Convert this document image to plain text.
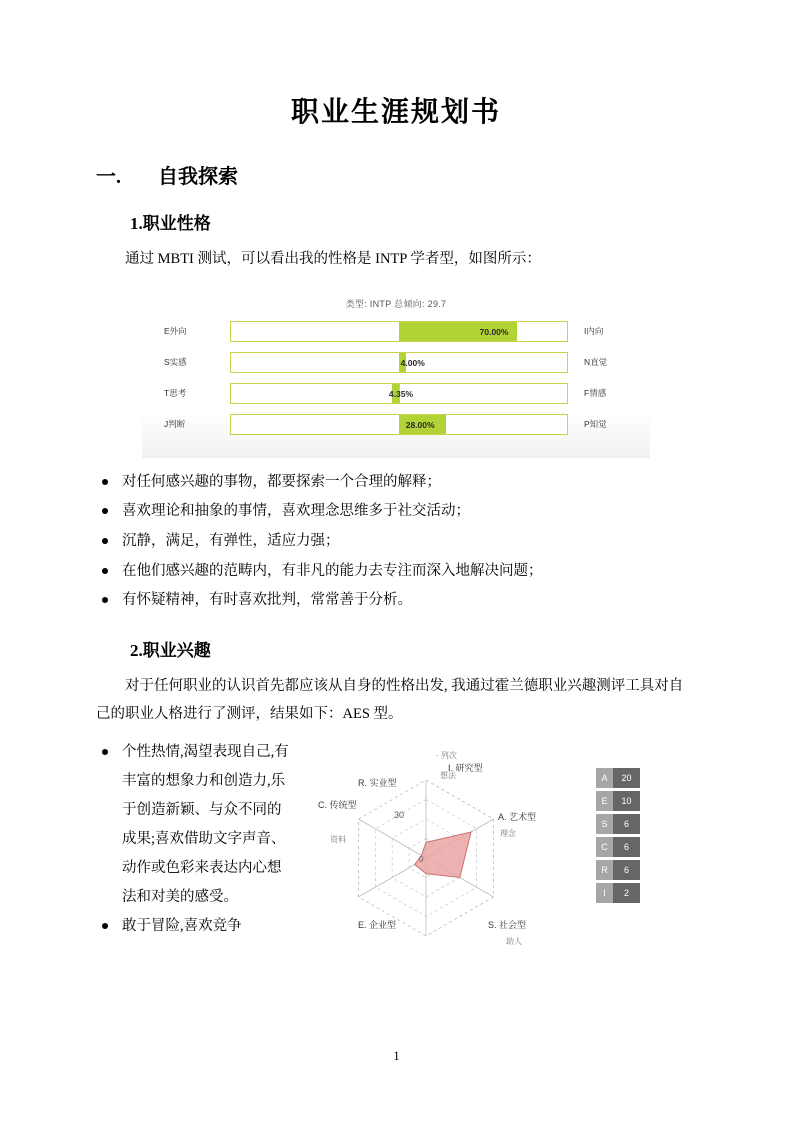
职业生涯规划书
一.	自我探索
1.职业性格
通过 MBTI 测试，可以看出我的性格是 INTP 学者型，如图所示：
类型: INTP 总倾向: 29.7
E外向	70.00%	I内向
S实感	4.00%	N直觉
T思考	4.35%	F情感
J判断	28.00%	P知觉
对任何感兴趣的事物，都要探索一个合理的解释；
喜欢理论和抽象的事情，喜欢理念思维多于社交活动；
沉静，满足，有弹性，适应力强；
在他们感兴趣的范畴内，有非凡的能力去专注而深入地解决问题；
有怀疑精神，有时喜欢批判，常常善于分析。
2.职业兴趣
对于任何职业的认识首先都应该从自身的性格出发, 我通过霍兰德职业兴趣测评工具对自己的职业人格进行了测评，结果如下：AES 型。
个性热情,渴望表现自己,有丰富的想象力和创造力,乐于创造新颖、与众不同的成果;喜欢借助文字声音、动作或色彩来表达内心想法和对美的感受。
敢于冒险,喜欢竞争
0
30
想法
I. 研究型
A. 艺术型
理念
S. 社会型
助人
E. 企业型
C. 传统型
资料
R. 实业型
· 列次
A	20
E	10
S	6
C	6
R	6
I	2
1
